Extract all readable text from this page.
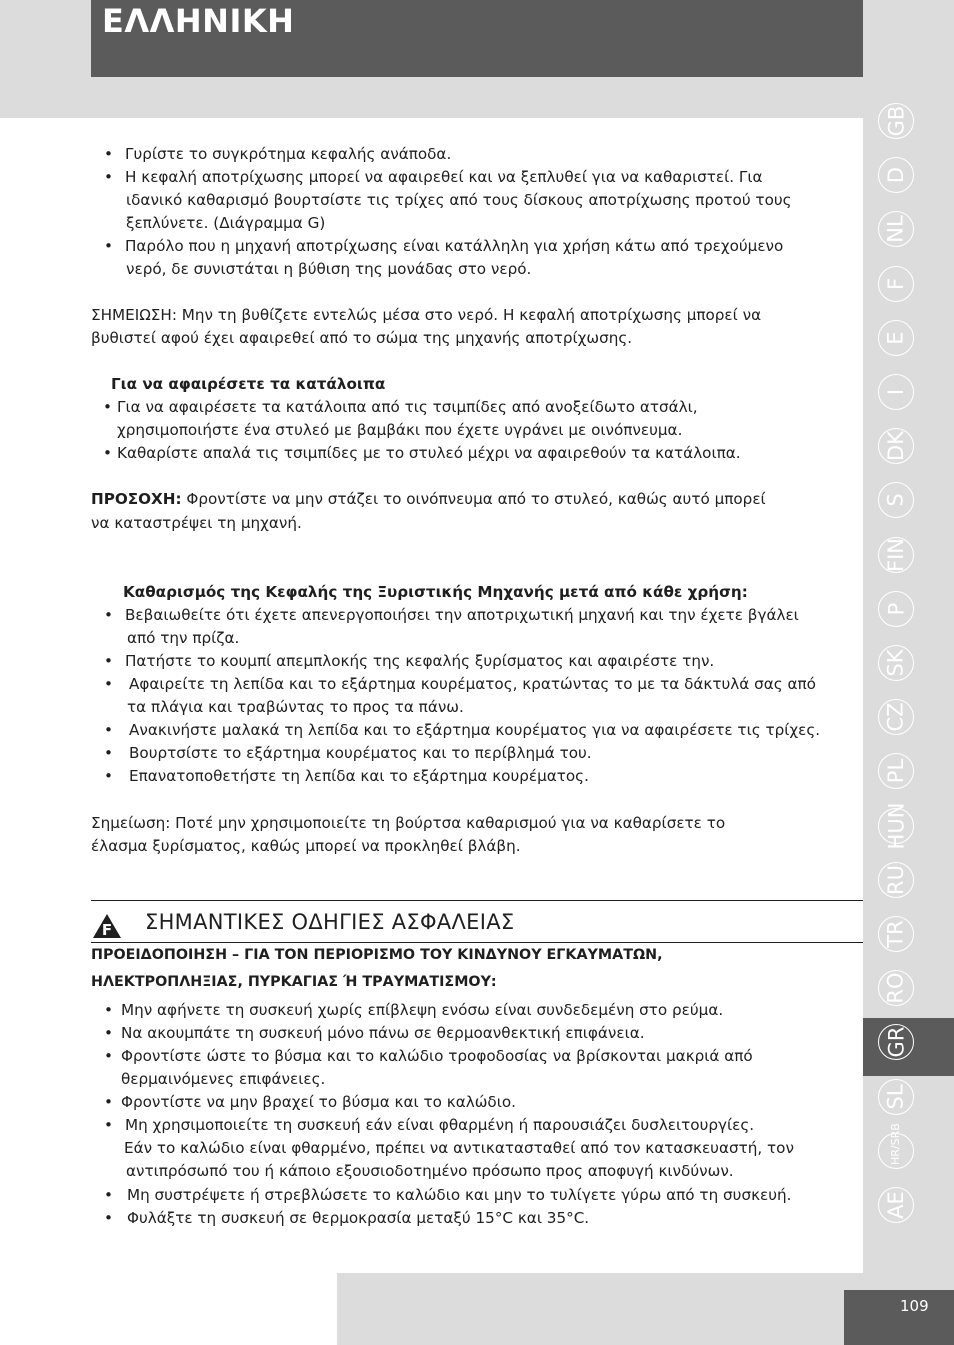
ΕΛΛΗΝΙΚΗ
GB
D
NL
F
E
I
DK
S
FIN
P
SK
CZ
PL
HUN
RU
TR
RO
GR
SL
HR/SRB
AE
109
• Γυρίστε το συγκρότημα κεφαλής ανάποδα.
• Η κεφαλή αποτρίχωσης μπορεί να αφαιρεθεί και να ξεπλυθεί για να καθαριστεί. Για
ιδανικό καθαρισμό βουρτσίστε τις τρίχες από τους δίσκους αποτρίχωσης προτού τους
ξεπλύνετε. (Διάγραμμα G)
• Παρόλο που η μηχανή αποτρίχωσης είναι κατάλληλη για χρήση κάτω από τρεχούμενο
νερό, δε συνιστάται η βύθιση της μονάδας στο νερό.
ΣΗΜΕΙΩΣΗ: Μην τη βυθίζετε εντελώς μέσα στο νερό. Η κεφαλή αποτρίχωσης μπορεί να
βυθιστεί αφού έχει αφαιρεθεί από το σώμα της μηχανής αποτρίχωσης.
Για να αφαιρέσετε τα κατάλοιπα
• Για να αφαιρέσετε τα κατάλοιπα από τις τσιμπίδες από ανοξείδωτο ατσάλι,
χρησιμοποιήστε ένα στυλεό με βαμβάκι που έχετε υγράνει με οινόπνευμα.
• Καθαρίστε απαλά τις τσιμπίδες με το στυλεό μέχρι να αφαιρεθούν τα κατάλοιπα.
ΠΡΟΣΟΧΗ: Φροντίστε να μην στάζει το οινόπνευμα από το στυλεό, καθώς αυτό μπορεί
να καταστρέψει τη μηχανή.
Καθαρισμός της Κεφαλής της Ξυριστικής Μηχανής μετά από κάθε χρήση:
• Βεβαιωθείτε ότι έχετε απενεργοποιήσει την αποτριχωτική μηχανή και την έχετε βγάλει
από την πρίζα.
• Πατήστε το κουμπί απεμπλοκής της κεφαλής ξυρίσματος και αφαιρέστε την.
• Αφαιρείτε τη λεπίδα και το εξάρτημα κουρέματος, κρατώντας το με τα δάκτυλά σας από
τα πλάγια και τραβώντας το προς τα πάνω.
• Ανακινήστε μαλακά τη λεπίδα και το εξάρτημα κουρέματος για να αφαιρέσετε τις τρίχες.
• Βουρτσίστε το εξάρτημα κουρέματος και το περίβλημά του.
• Επανατοποθετήστε τη λεπίδα και το εξάρτημα κουρέματος.
Σημείωση: Ποτέ μην χρησιμοποιείτε τη βούρτσα καθαρισμού για να καθαρίσετε το
έλασμα ξυρίσματος, καθώς μπορεί να προκληθεί βλάβη.
F ΣΗΜΑΝΤΙΚΕΣ ΟΔΗΓΙΕΣ ΑΣΦΑΛΕΙΑΣ
ΠΡΟΕΙΔΟΠΟΙΗΣΗ – ΓΙΑ ΤΟΝ ΠΕΡΙΟΡΙΣΜΟ ΤΟΥ ΚΙΝΔΥΝΟΥ ΕΓΚΑΥΜΑΤΩΝ,
ΗΛΕΚΤΡΟΠΛΗΞΙΑΣ, ΠΥΡΚΑΓΙΑΣ Ή ΤΡΑΥΜΑΤΙΣΜΟΥ:
• Μην αφήνετε τη συσκευή χωρίς επίβλεψη ενόσω είναι συνδεδεμένη στο ρεύμα.
• Να ακουμπάτε τη συσκευή μόνο πάνω σε θερμοανθεκτική επιφάνεια.
• Φροντίστε ώστε το βύσμα και το καλώδιο τροφοδοσίας να βρίσκονται μακριά από
θερμαινόμενες επιφάνειες.
• Φροντίστε να μην βραχεί το βύσμα και το καλώδιο.
• Μη χρησιμοποιείτε τη συσκευή εάν είναι φθαρμένη ή παρουσιάζει δυσλειτουργίες.
Εάν το καλώδιο είναι φθαρμένο, πρέπει να αντικατασταθεί από τον κατασκευαστή, τον
αντιπρόσωπό του ή κάποιο εξουσιοδοτημένο πρόσωπο προς αποφυγή κινδύνων.
• Μη συστρέψετε ή στρεβλώσετε το καλώδιο και μην το τυλίγετε γύρω από τη συσκευή.
• Φυλάξτε τη συσκευή σε θερμοκρασία μεταξύ 15°C και 35°C.
